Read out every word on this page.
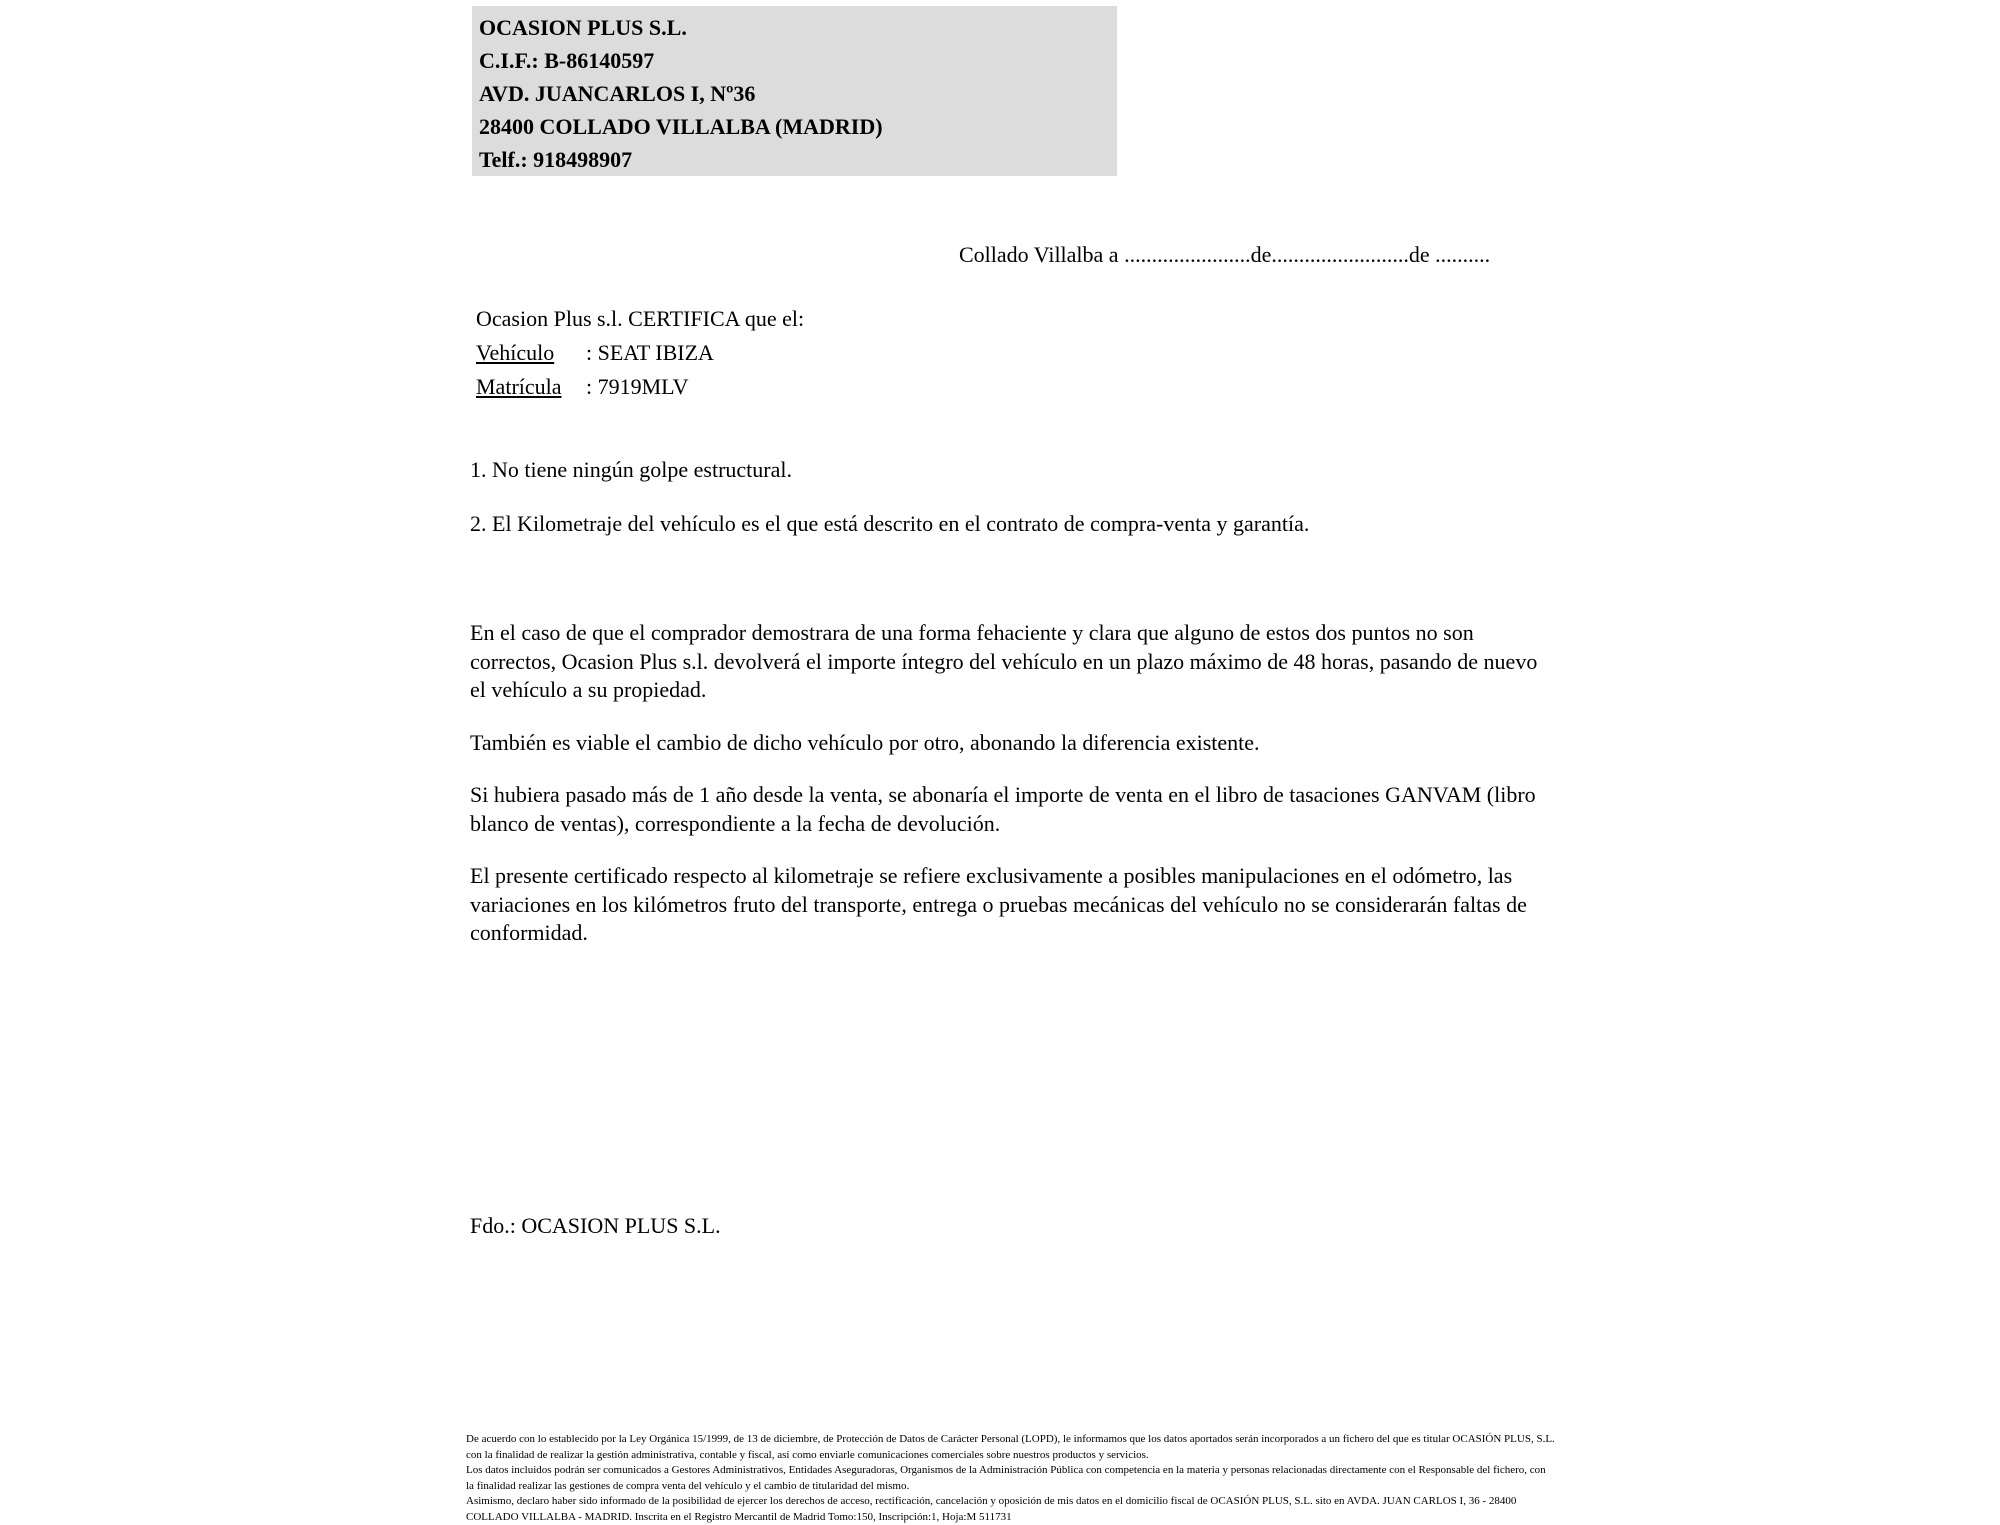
OCASION PLUS S.L.
C.I.F.: B-86140597
AVD. JUANCARLOS I, Nº36
28400 COLLADO VILLALBA (MADRID)
Telf.: 918498907
Collado Villalba a .......................de.........................de ..........
Ocasion Plus s.l. CERTIFICA que el:
Vehículo : SEAT IBIZA
Matrícula : 7919MLV
1. No tiene ningún golpe estructural.
2. El Kilometraje del vehículo es el que está descrito en el contrato de compra-venta y garantía.
En el caso de que el comprador demostrara de una forma fehaciente y clara que alguno de estos dos puntos no son correctos, Ocasion Plus s.l. devolverá el importe íntegro del vehículo en un plazo máximo de 48 horas, pasando de nuevo el vehículo a su propiedad.
También es viable el cambio de dicho vehículo por otro, abonando la diferencia existente.
Si hubiera pasado más de 1 año desde la venta, se abonaría el importe de venta en el libro de tasaciones GANVAM (libro blanco de ventas), correspondiente a la fecha de devolución.
El presente certificado respecto al kilometraje se refiere exclusivamente a posibles manipulaciones en el odómetro, las variaciones en los kilómetros fruto del transporte, entrega o pruebas mecánicas del vehículo no se considerarán faltas de conformidad.
Fdo.: OCASION PLUS S.L.
De acuerdo con lo establecido por la Ley Orgánica 15/1999, de 13 de diciembre, de Protección de Datos de Carácter Personal (LOPD), le informamos que los datos aportados serán incorporados a un fichero del que es titular OCASIÓN PLUS, S.L. con la finalidad de realizar la gestión administrativa, contable y fiscal, así como enviarle comunicaciones comerciales sobre nuestros productos y servicios.
Los datos incluidos podrán ser comunicados a Gestores Administrativos, Entidades Aseguradoras, Organismos de la Administración Pública con competencia en la materia y personas relacionadas directamente con el Responsable del fichero, con la finalidad realizar las gestiones de compra venta del vehículo y el cambio de titularidad del mismo.
Asimismo, declaro haber sido informado de la posibilidad de ejercer los derechos de acceso, rectificación, cancelación y oposición de mis datos en el domicilio fiscal de OCASIÓN PLUS, S.L. sito en AVDA. JUAN CARLOS I, 36 - 28400 COLLADO VILLALBA - MADRID. Inscrita en el Registro Mercantil de Madrid Tomo:150, Inscripción:1, Hoja:M 511731
